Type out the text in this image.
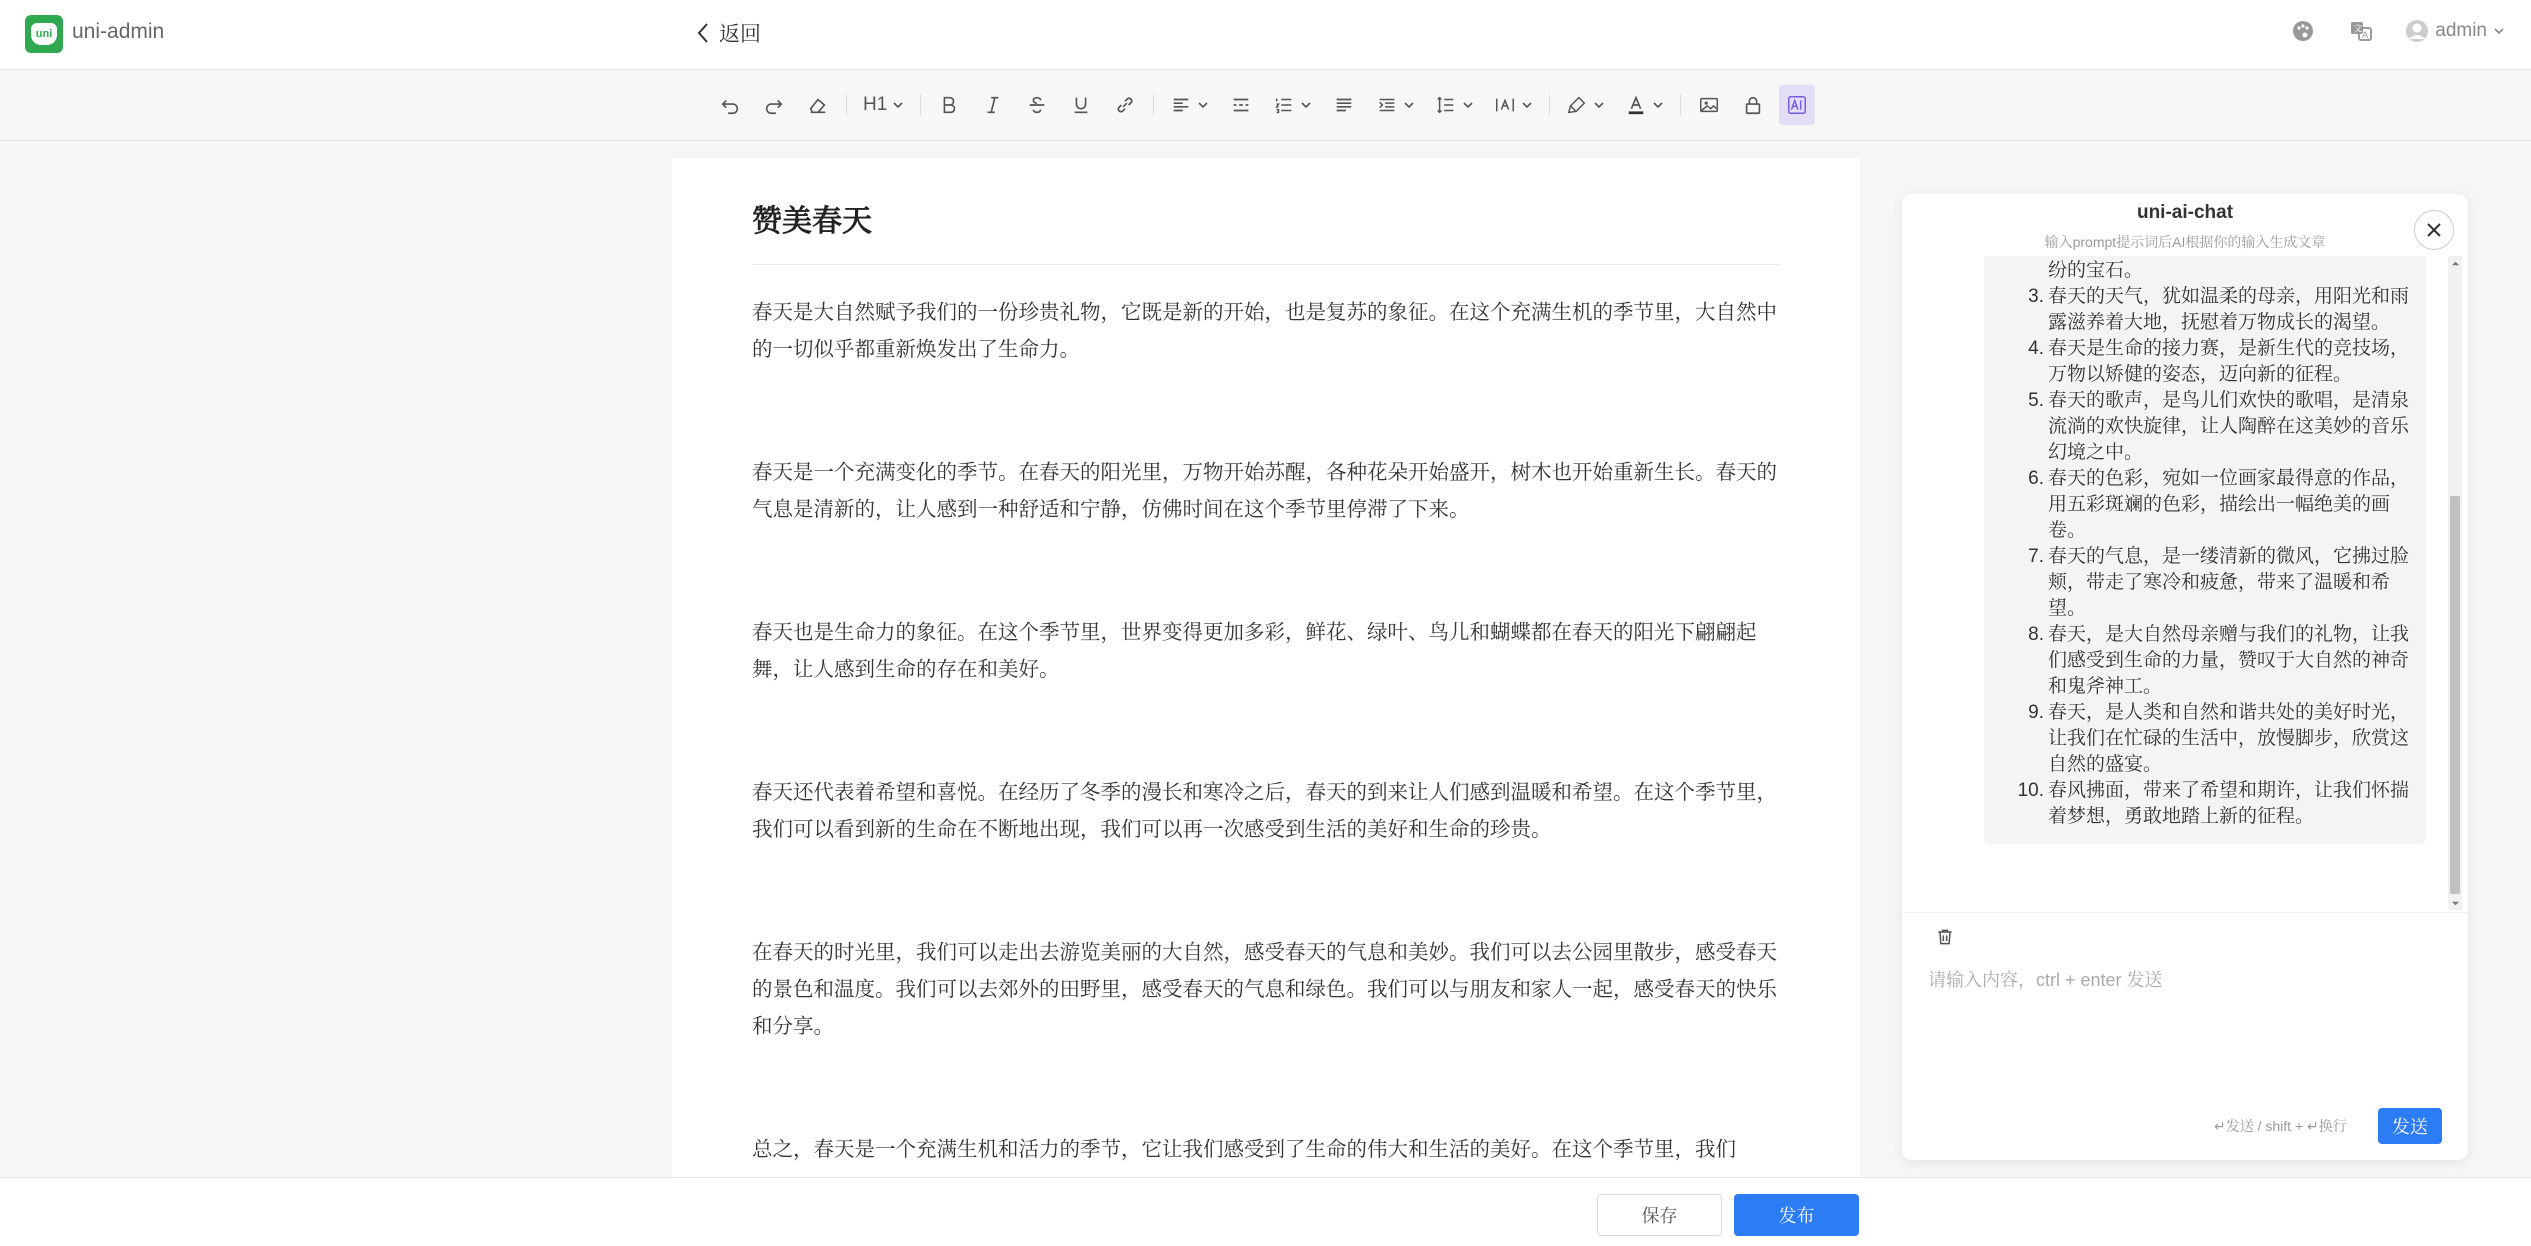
uni uni-admin	返回	文
A	admin
H1
赞美春天

春天是大自然赋予我们的一份珍贵礼物，它既是新的开始，也是复苏的象征。在这个充满生机的季节里，大自然中的一切似乎都重新焕发出了生命力。

春天是一个充满变化的季节。在春天的阳光里，万物开始苏醒，各种花朵开始盛开，树木也开始重新生长。春天的气息是清新的，让人感到一种舒适和宁静，仿佛时间在这个季节里停滞了下来。

春天也是生命力的象征。在这个季节里，世界变得更加多彩，鲜花、绿叶、鸟儿和蝴蝶都在春天的阳光下翩翩起舞，让人感到生命的存在和美好。

春天还代表着希望和喜悦。在经历了冬季的漫长和寒冷之后，春天的到来让人们感到温暖和希望。在这个季节里，我们可以看到新的生命在不断地出现，我们可以再一次感受到生活的美好和生命的珍贵。

在春天的时光里，我们可以走出去游览美丽的大自然，感受春天的气息和美妙。我们可以去公园里散步，感受春天的景色和温度。我们可以去郊外的田野里，感受春天的气息和绿色。我们可以与朋友和家人一起，感受春天的快乐和分享。

总之，春天是一个充满生机和活力的季节，它让我们感受到了生命的伟大和生活的美好。在这个季节里，我们

uni-ai-chat
输入prompt提示词后AI根据你的输入生成文章
纷的宝石。
3. 春天的天气，犹如温柔的母亲，用阳光和雨露滋养着大地，抚慰着万物成长的渴望。
4. 春天是生命的接力赛，是新生代的竞技场，万物以矫健的姿态，迈向新的征程。
5. 春天的歌声，是鸟儿们欢快的歌唱，是清泉流淌的欢快旋律，让人陶醉在这美妙的音乐幻境之中。
6. 春天的色彩，宛如一位画家最得意的作品，用五彩斑斓的色彩，描绘出一幅绝美的画卷。
7. 春天的气息，是一缕清新的微风，它拂过脸颊，带走了寒冷和疲惫，带来了温暖和希望。
8. 春天，是大自然母亲赠与我们的礼物，让我们感受到生命的力量，赞叹于大自然的神奇和鬼斧神工。
9. 春天，是人类和自然和谐共处的美好时光，让我们在忙碌的生活中，放慢脚步，欣赏这自然的盛宴。
10. 春风拂面，带来了希望和期许，让我们怀揣着梦想，勇敢地踏上新的征程。
请输入内容，ctrl + enter 发送
↵发送 / shift + ↵换行	发送
保存	发布
